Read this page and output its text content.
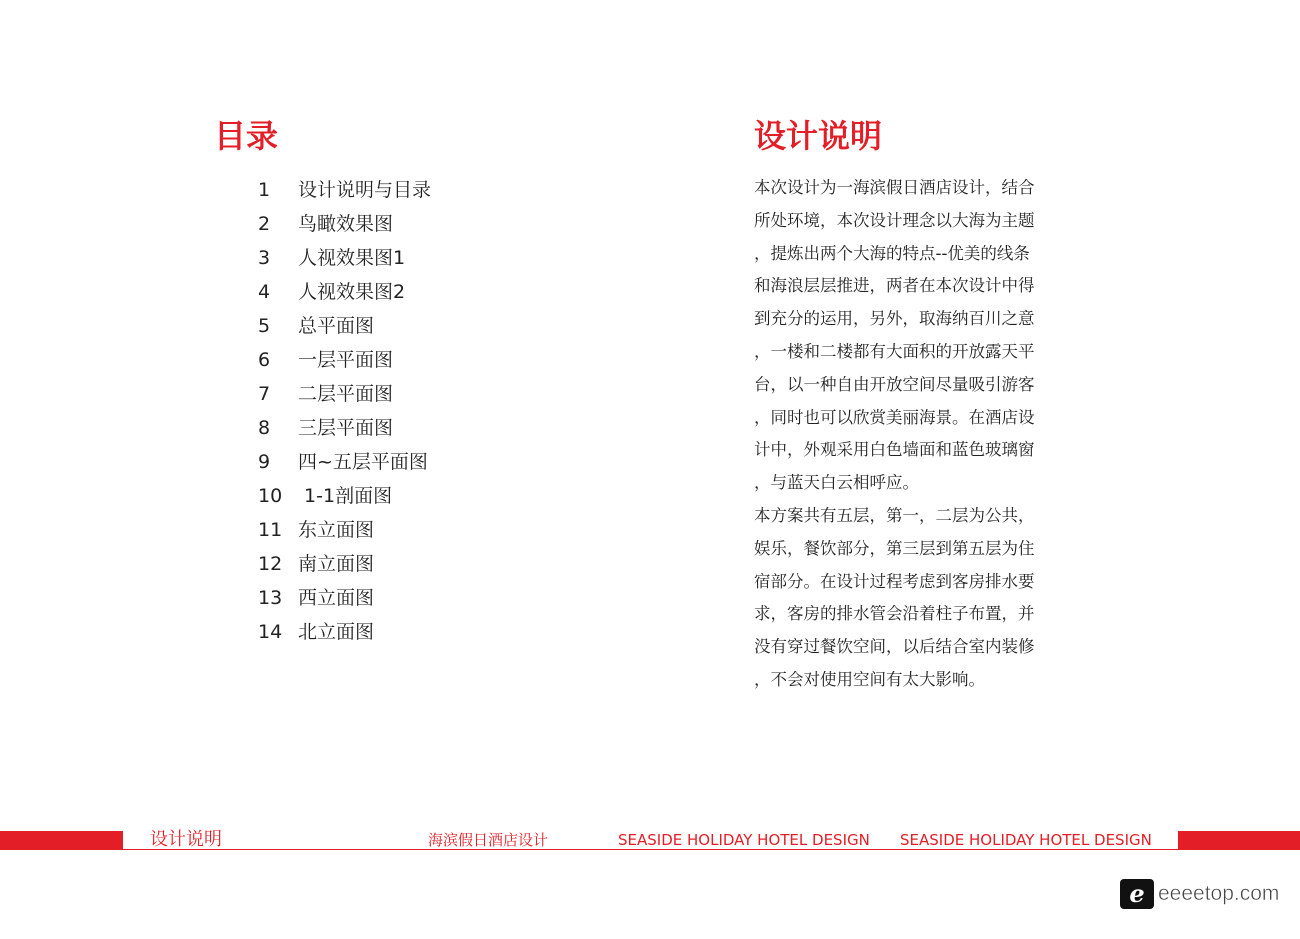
目录
1 设计说明与目录
2 鸟瞰效果图
3 人视效果图1
4 人视效果图2
5 总平面图
6 一层平面图
7 二层平面图
8 三层平面图
9 四~五层平面图
10 1-1剖面图
11 东立面图
12 南立面图
13 西立面图
14 北立面图
设计说明
本次设计为一海滨假日酒店设计，结合
所处环境，本次设计理念以大海为主题
，提炼出两个大海的特点--优美的线条
和海浪层层推进，两者在本次设计中得
到充分的运用，另外，取海纳百川之意
，一楼和二楼都有大面积的开放露天平
台，以一种自由开放空间尽量吸引游客
，同时也可以欣赏美丽海景。在酒店设
计中，外观采用白色墙面和蓝色玻璃窗
，与蓝天白云相呼应。
本方案共有五层，第一，二层为公共，
娱乐，餐饮部分，第三层到第五层为住
宿部分。在设计过程考虑到客房排水要
求，客房的排水管会沿着柱子布置，并
没有穿过餐饮空间，以后结合室内装修
，不会对使用空间有太大影响。
设计说明	海滨假日酒店设计	SEASIDE HOLIDAY HOTEL DESIGN SEASIDE HOLIDAY HOTEL DESIGN
e拓
eeeetop.com
